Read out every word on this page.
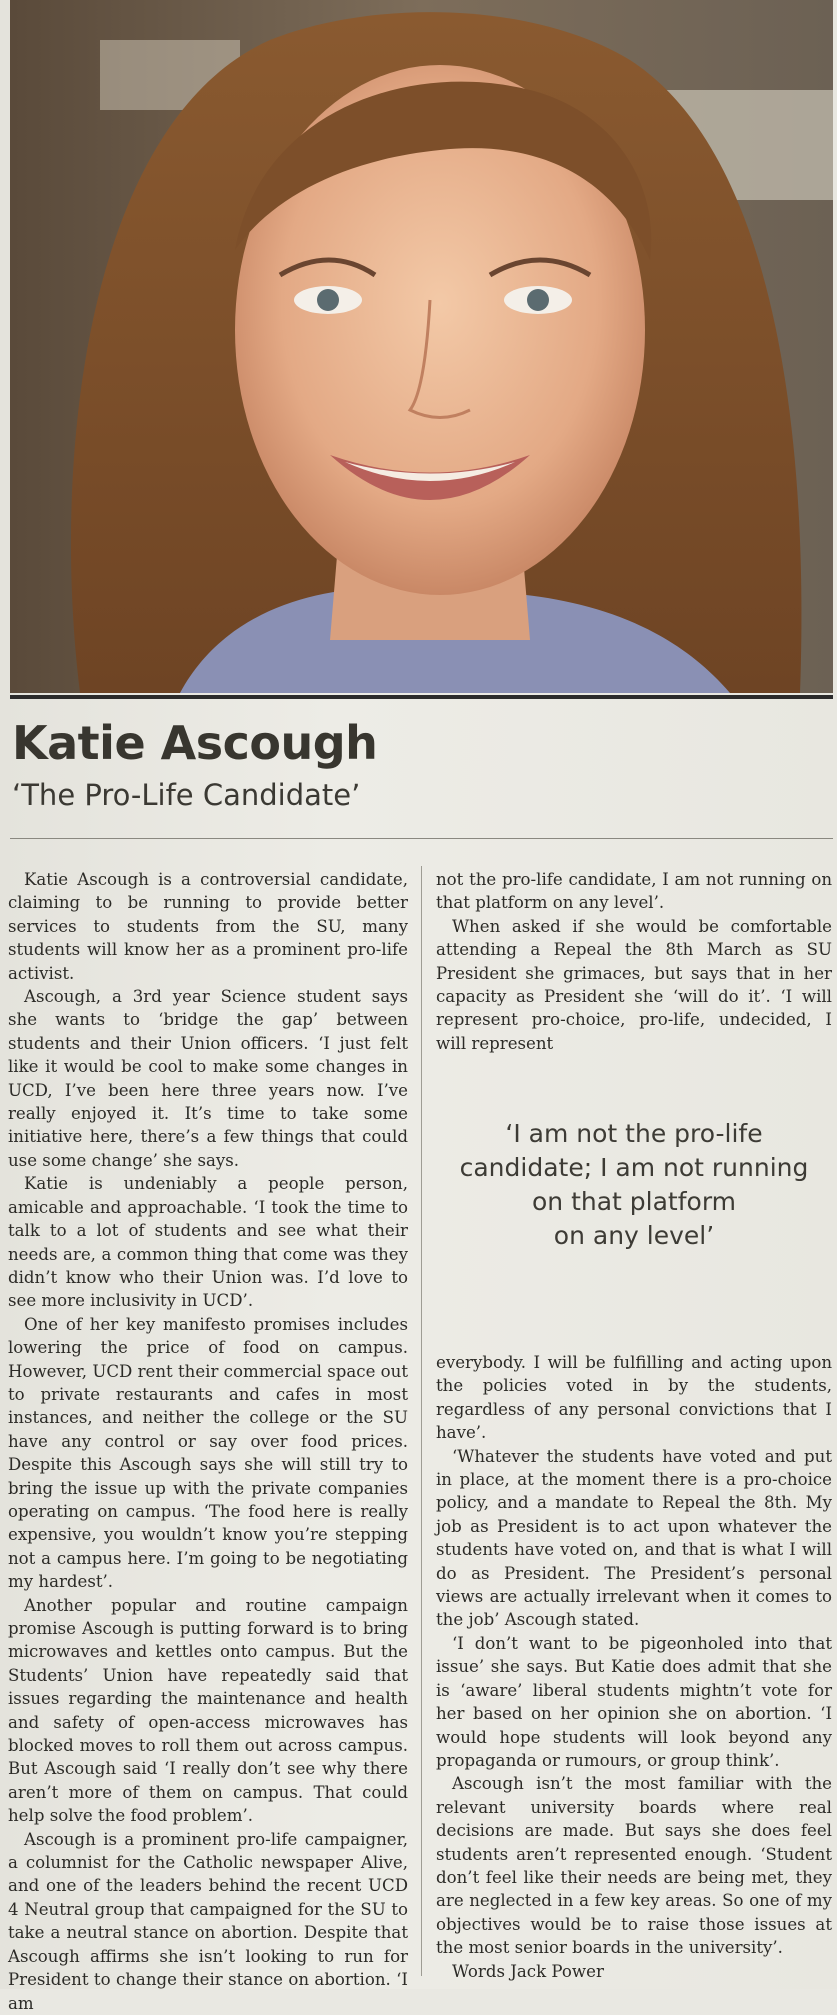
Katie Ascough
‘The Pro-Life Candidate’

Katie Ascough is a controversial candidate, claiming to be running to provide better services to students from the SU, many students will know her as a prominent pro-life activist.

Ascough, a 3rd year Science student says she wants to ‘bridge the gap’ between students and their Union officers. ‘I just felt like it would be cool to make some changes in UCD, I’ve been here three years now. I’ve really enjoyed it. It’s time to take some initiative here, there’s a few things that could use some change’ she says.

Katie is undeniably a people person, amicable and approachable. ‘I took the time to talk to a lot of students and see what their needs are, a common thing that come was they didn’t know who their Union was. I’d love to see more inclusivity in UCD’.

One of her key manifesto promises includes lowering the price of food on campus. However, UCD rent their commercial space out to private restaurants and cafes in most instances, and neither the college or the SU have any control or say over food prices. Despite this Ascough says she will still try to bring the issue up with the private companies operating on campus. ‘The food here is really expensive, you wouldn’t know you’re stepping not a campus here. I’m going to be negotiating my hardest’.

Another popular and routine campaign promise Ascough is putting forward is to bring microwaves and kettles onto campus. But the Students’ Union have repeatedly said that issues regarding the maintenance and health and safety of open-access microwaves has blocked moves to roll them out across campus. But Ascough said ‘I really don’t see why there aren’t more of them on campus. That could help solve the food problem’.

Ascough is a prominent pro-life campaigner, a columnist for the Catholic newspaper Alive, and one of the leaders behind the recent UCD 4 Neutral group that campaigned for the SU to take a neutral stance on abortion. Despite that Ascough affirms she isn’t looking to run for President to change their stance on abortion. ‘I am

not the pro-life candidate, I am not running on that platform on any level’.

When asked if she would be comfortable attending a Repeal the 8th March as SU President she grimaces, but says that in her capacity as President she ‘will do it’. ‘I will represent pro-choice, pro-life, undecided, I will represent

‘I am not the pro-life
candidate; I am not running
on that platform
on any level’

everybody. I will be fulfilling and acting upon the policies voted in by the students, regardless of any personal convictions that I have’.

‘Whatever the students have voted and put in place, at the moment there is a pro-choice policy, and a mandate to Repeal the 8th. My job as President is to act upon whatever the students have voted on, and that is what I will do as President. The President’s personal views are actually irrelevant when it comes to the job’ Ascough stated.

‘I don’t want to be pigeonholed into that issue’ she says. But Katie does admit that she is ‘aware’ liberal students mightn’t vote for her based on her opinion she on abortion. ‘I would hope students will look beyond any propaganda or rumours, or group think’.

Ascough isn’t the most familiar with the relevant university boards where real decisions are made. But says she does feel students aren’t represented enough. ‘Student don’t feel like their needs are being met, they are neglected in a few key areas. So one of my objectives would be to raise those issues at the most senior boards in the university’.

Words Jack Power
